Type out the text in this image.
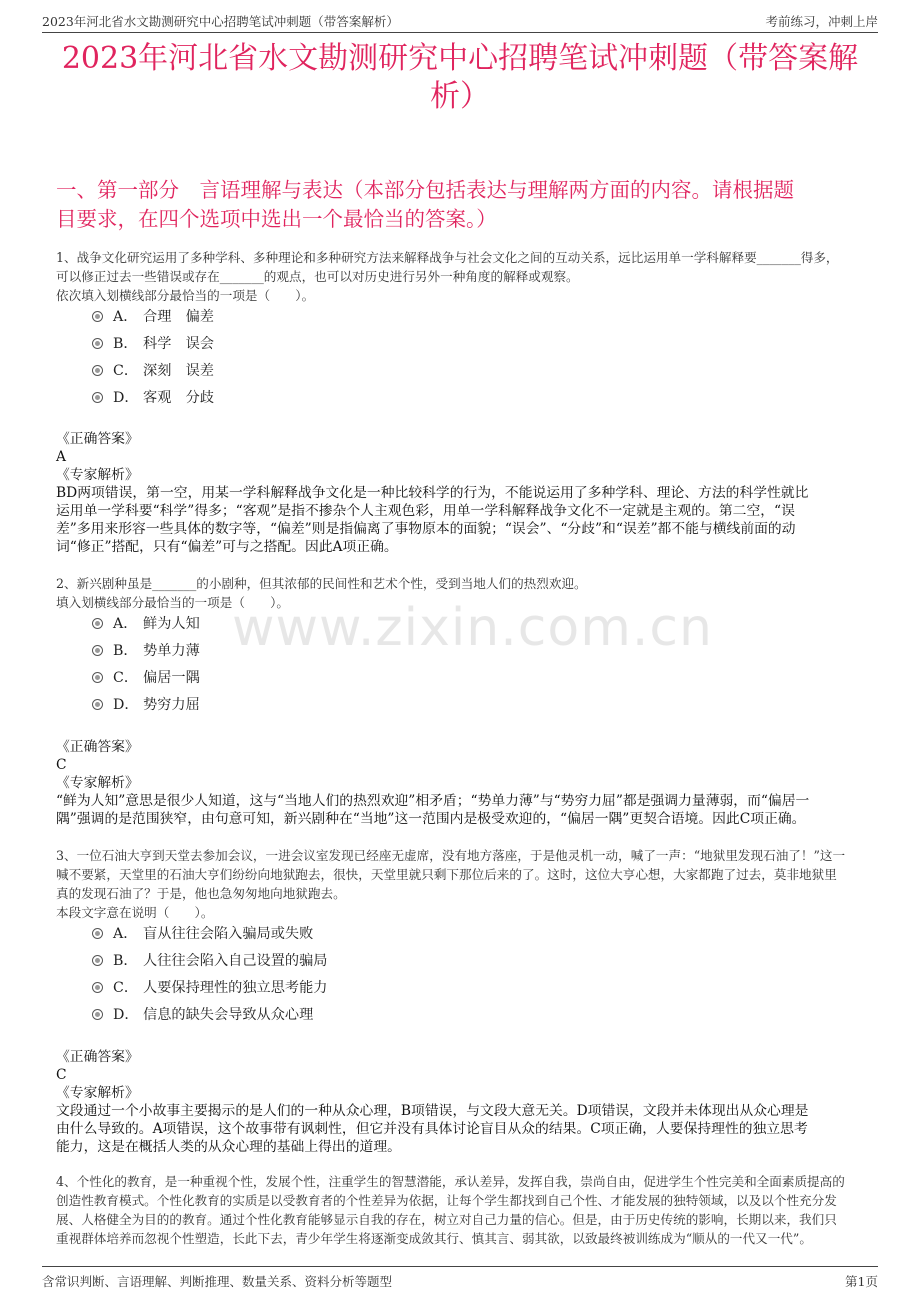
2023年河北省水文勘测研究中心招聘笔试冲刺题（带答案解析）	考前练习，冲刺上岸
2023年河北省水文勘测研究中心招聘笔试冲刺题（带答案解
析）
一、第一部分　言语理解与表达（本部分包括表达与理解两方面的内容。请根据题
目要求，在四个选项中选出一个最恰当的答案。）
www.zixin.com.cn

1、战争文化研究运用了多种学科、多种理论和多种研究方法来解释战争与社会文化之间的互动关系，远比运用单一学科解释要_______得多，

可以修正过去一些错误或存在_______的观点，也可以对历史进行另外一种角度的解释或观察。

依次填入划横线部分最恰当的一项是（　　）。

A． 合理　偏差
B． 科学　误会
C． 深刻　误差
D． 客观　分歧

《正确答案》

A

《专家解析》

BD两项错误，第一空，用某一学科解释战争文化是一种比较科学的行为，不能说运用了多种学科、理论、方法的科学性就比

运用单一学科要“科学”得多；“客观”是指不掺杂个人主观色彩，用单一学科解释战争文化不一定就是主观的。第二空，“误

差”多用来形容一些具体的数字等，“偏差”则是指偏离了事物原本的面貌；“误会”、“分歧”和“误差”都不能与横线前面的动

词“修正”搭配，只有“偏差”可与之搭配。因此A项正确。

2、新兴剧种虽是_______的小剧种，但其浓郁的民间性和艺术个性，受到当地人们的热烈欢迎。

填入划横线部分最恰当的一项是（　　）。

A． 鲜为人知
B． 势单力薄
C． 偏居一隅
D． 势穷力屈

《正确答案》

C

《专家解析》

“鲜为人知”意思是很少人知道，这与“当地人们的热烈欢迎”相矛盾；“势单力薄”与“势穷力屈”都是强调力量薄弱，而“偏居一

隅”强调的是范围狭窄，由句意可知，新兴剧种在“当地”这一范围内是极受欢迎的，“偏居一隅”更契合语境。因此C项正确。

3、一位石油大亨到天堂去参加会议，一进会议室发现已经座无虚席，没有地方落座，于是他灵机一动，喊了一声：“地狱里发现石油了！”这一

喊不要紧，天堂里的石油大亨们纷纷向地狱跑去，很快，天堂里就只剩下那位后来的了。这时，这位大亨心想，大家都跑了过去，莫非地狱里

真的发现石油了？于是，他也急匆匆地向地狱跑去。

本段文字意在说明（　　）。

A． 盲从往往会陷入骗局或失败
B． 人往往会陷入自己设置的骗局
C． 人要保持理性的独立思考能力
D． 信息的缺失会导致从众心理

《正确答案》

C

《专家解析》

文段通过一个小故事主要揭示的是人们的一种从众心理，B项错误，与文段大意无关。D项错误，文段并未体现出从众心理是

由什么导致的。A项错误，这个故事带有讽刺性，但它并没有具体讨论盲目从众的结果。C项正确，人要保持理性的独立思考

能力，这是在概括人类的从众心理的基础上得出的道理。

4、个性化的教育，是一种重视个性，发展个性，注重学生的智慧潜能，承认差异，发挥自我，崇尚自由，促进学生个性完美和全面素质提高的

创造性教育模式。个性化教育的实质是以受教育者的个性差异为依据，让每个学生都找到自己个性、才能发展的独特领域，以及以个性充分发

展、人格健全为目的的教育。通过个性化教育能够显示自我的存在，树立对自己力量的信心。但是，由于历史传统的影响，长期以来，我们只

重视群体培养而忽视个性塑造，长此下去，青少年学生将逐渐变成敛其行、慎其言、弱其欲，以致最终被训练成为“顺从的一代又一代”。

含常识判断、言语理解、判断推理、数量关系、资料分析等题型	第1页
